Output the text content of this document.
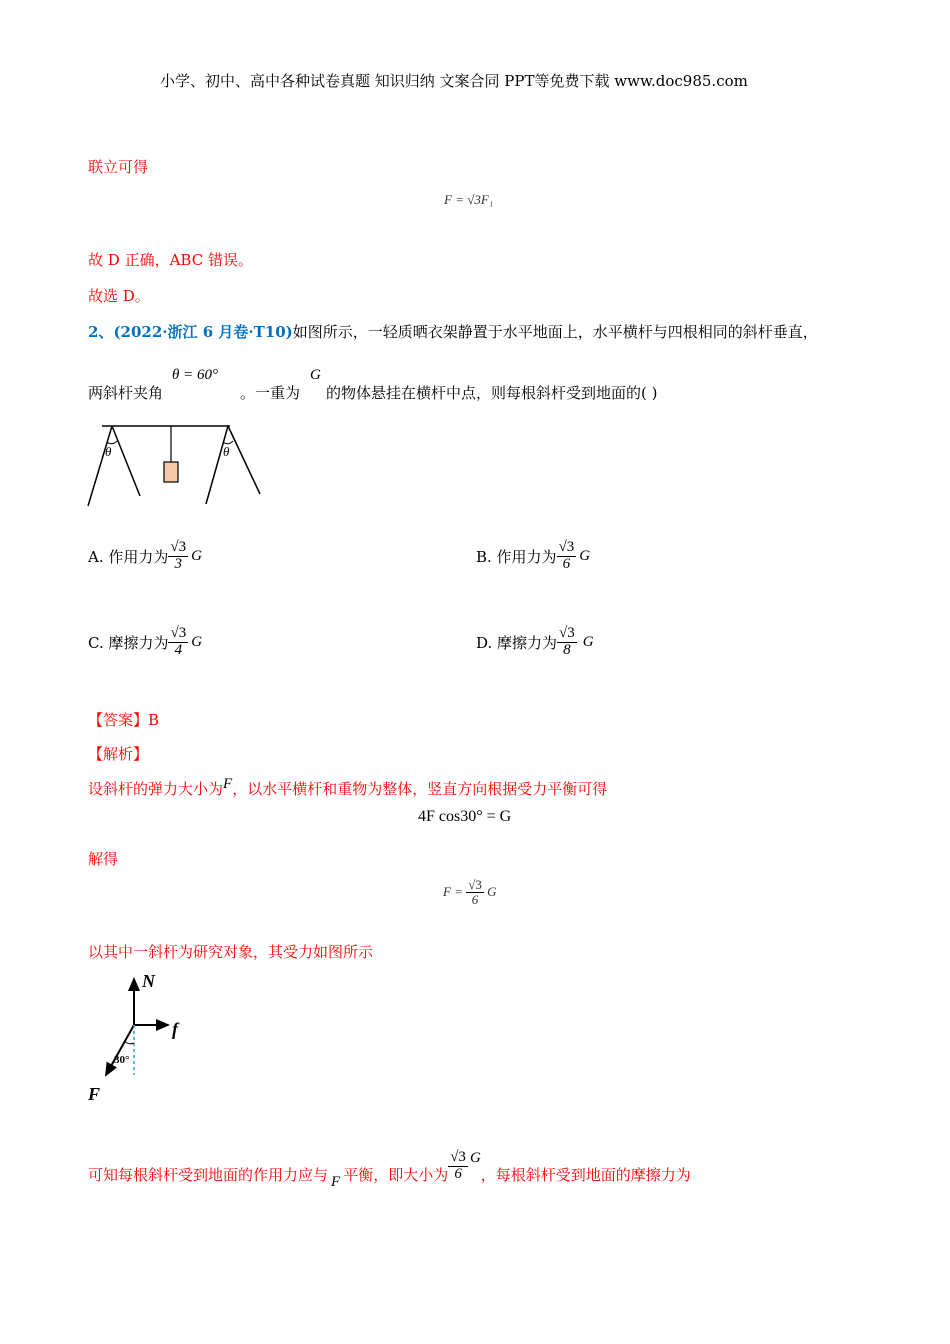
小学、初中、高中各种试卷真题 知识归纳 文案合同 PPT等免费下载 www.doc985.com
联立可得
F = √3F₁
故 D 正确，ABC 错误。
故选 D。
2、(2022·浙江 6 月卷·T10)如图所示，一轻质晒衣架静置于水平地面上，水平横杆与四根相同的斜杆垂直，
两斜杆夹角
θ = 60°
。一重为
G
的物体悬挂在横杆中点，则每根斜杆受到地面的( )
θ	θ
A. 作用力为 $\frac{√3}{3}$ G	B. 作用力为 $\frac{√3}{6}$ G
C. 摩擦力为 $\frac{√3}{4}$ G	D. 摩擦力为 $\frac{√3}{8}$ G
【答案】B
【解析】
设斜杆的弹力大小为F，以水平横杆和重物为整体，竖直方向根据受力平衡可得
4F cos30° = G
解得
$F = \frac{√3}{6}$ G
以其中一斜杆为研究对象，其受力如图所示
N
f
F
30°
可知每根斜杆受到地面的作用力应与 F 平衡，即大小为 $\frac{√3}{6}$ G，每根斜杆受到地面的摩擦力为
